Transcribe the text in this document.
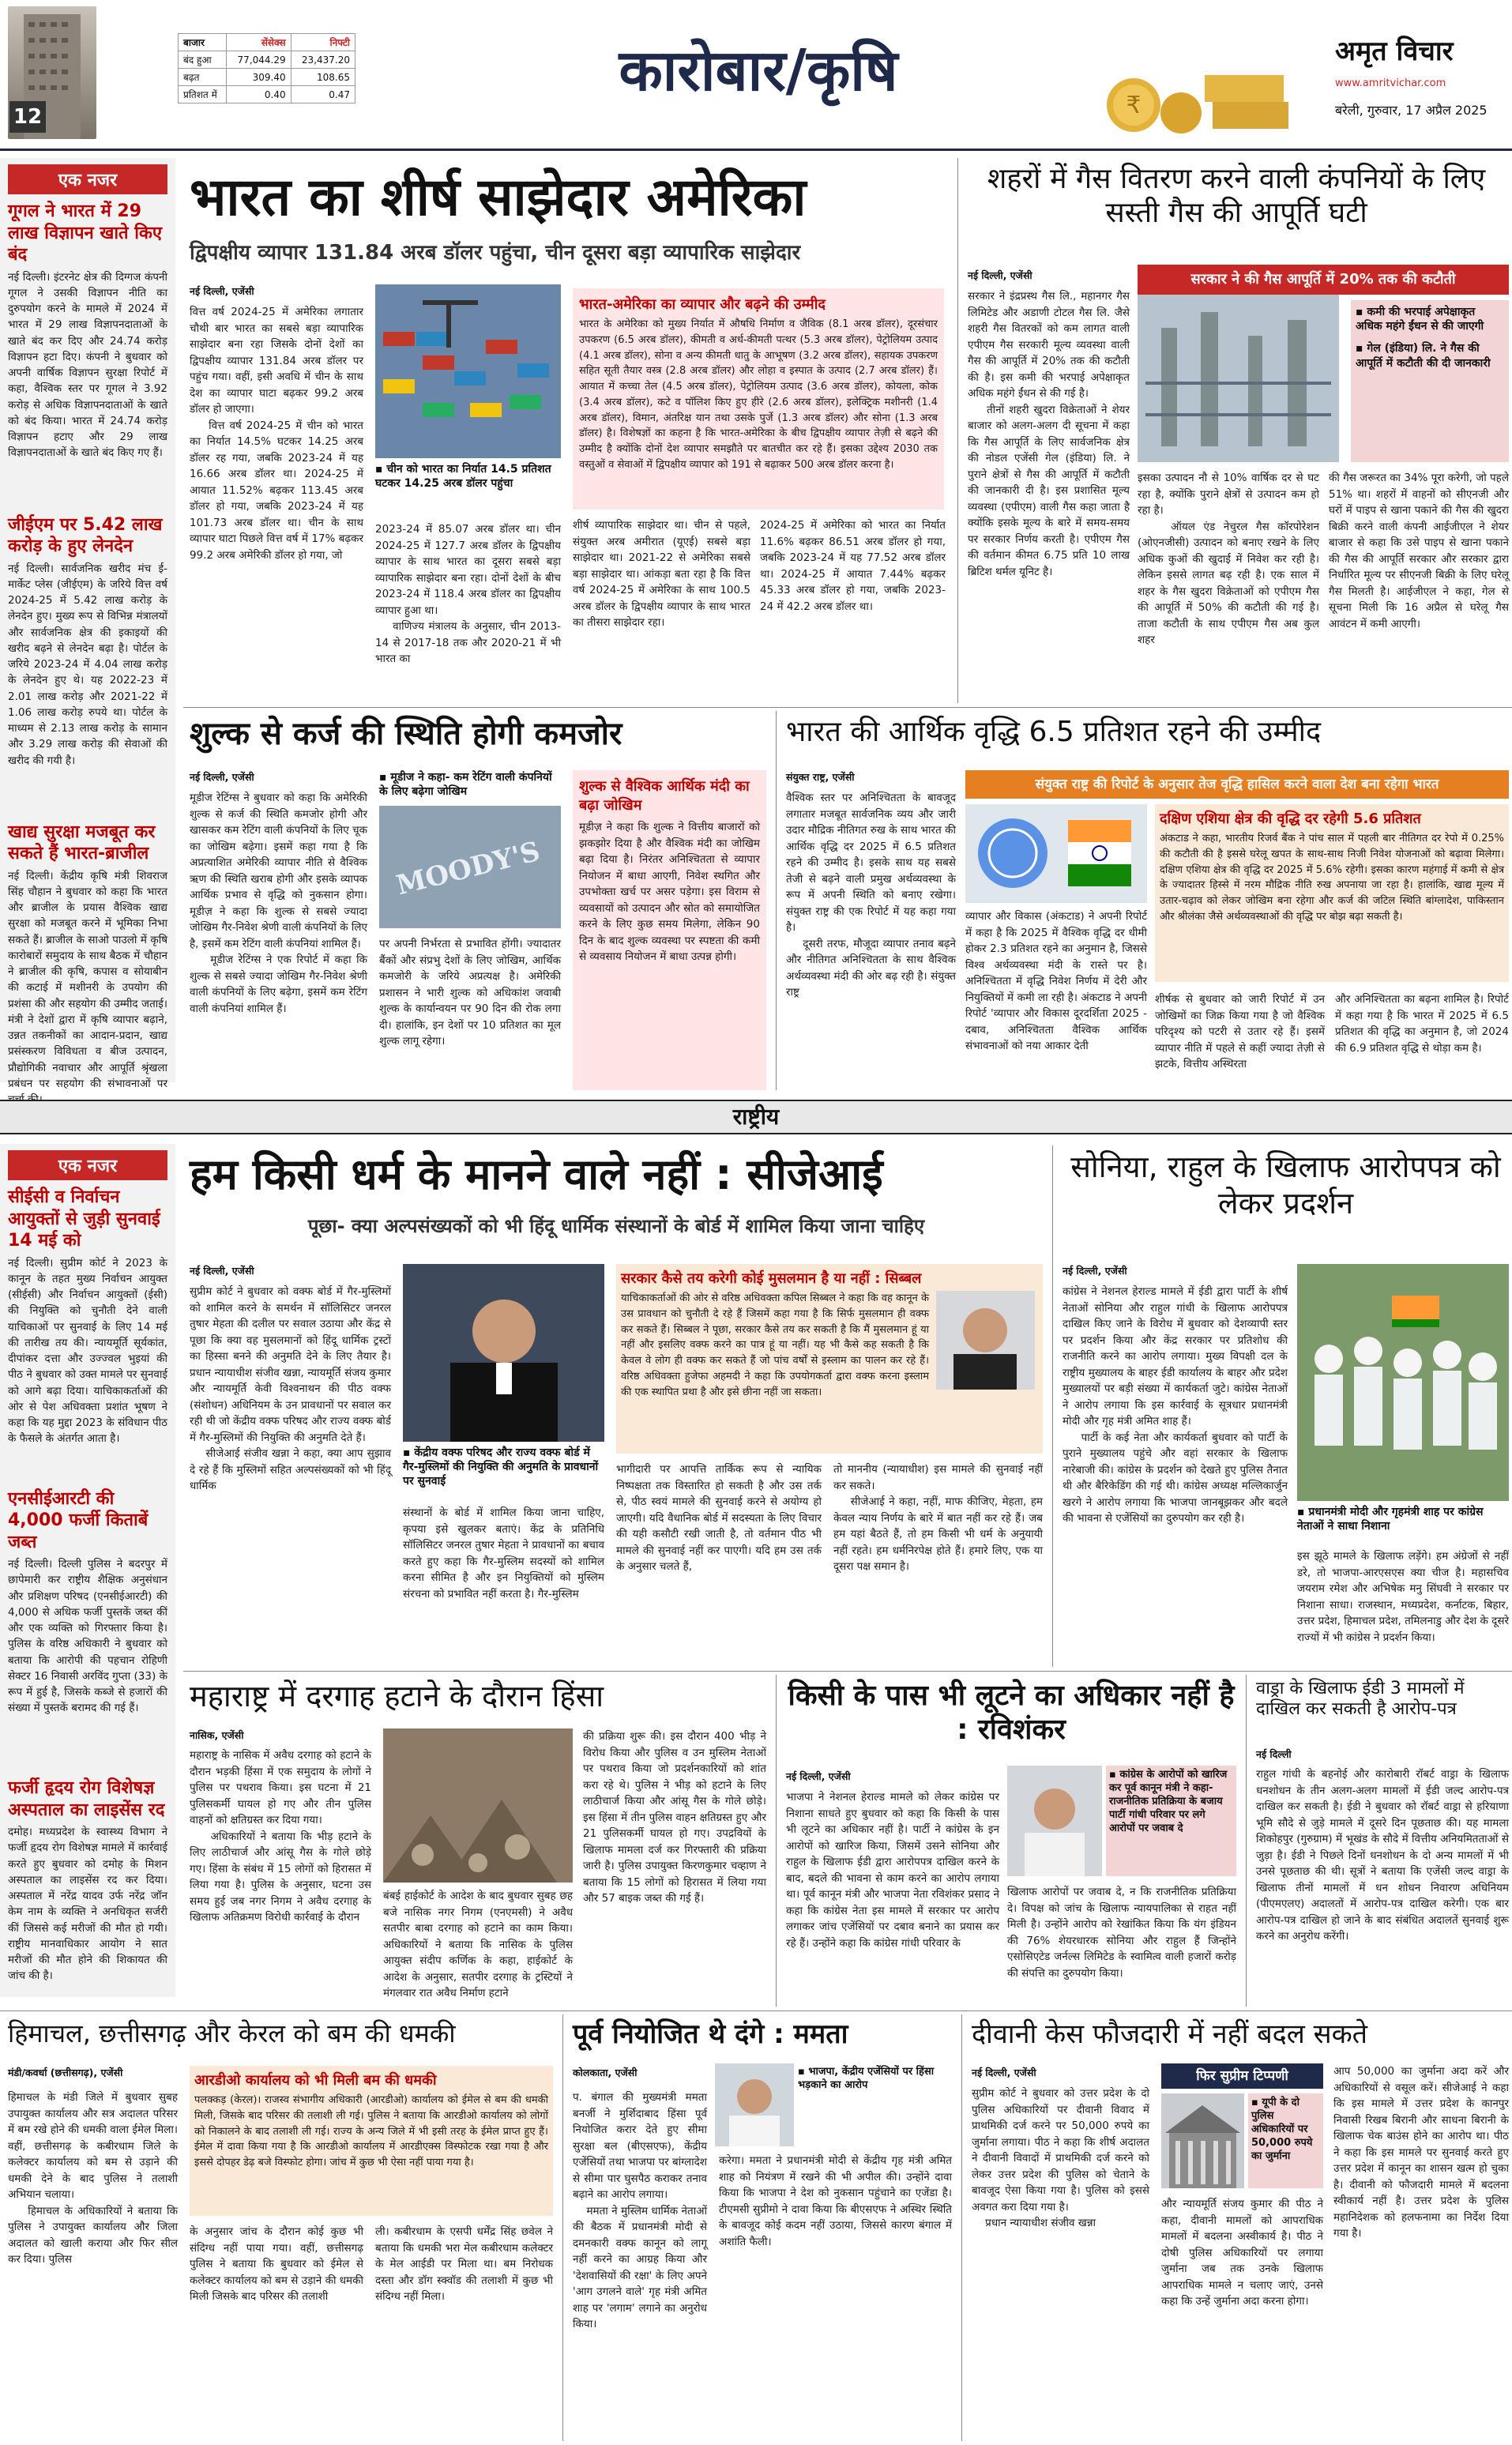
12
बाजार	सेंसेक्स	निफ्टी
बंद हुआ	77,044.29	23,437.20
बढ़त	309.40	108.65
प्रतिशत में	0.40	0.47	कारोबार/कृषि
₹
अमृत विचार
www.amritvichar.com
बरेली, गुरुवार, 17 अप्रैल 2025
एक नजर
गूगल ने भारत में 29 लाख विज्ञापन खाते किए बंद
नई दिल्ली। इंटरनेट क्षेत्र की दिग्गज कंपनी गूगल ने उसकी विज्ञापन नीति का दुरुपयोग करने के मामले में 2024 में भारत में 29 लाख विज्ञापनदाताओं के खाते बंद कर दिए और 24.74 करोड़ विज्ञापन हटा दिए। कंपनी ने बुधवार को अपनी वार्षिक विज्ञापन सुरक्षा रिपोर्ट में कहा, वैश्विक स्तर पर गूगल ने 3.92 करोड़ से अधिक विज्ञापनदाताओं के खाते को बंद किया। भारत में 24.74 करोड़ विज्ञापन हटाए और 29 लाख विज्ञापनदाताओं के खाते बंद किए गए हैं।
जीईएम पर 5.42 लाख करोड़ के हुए लेनदेन
नई दिल्ली। सार्वजनिक खरीद मंच ई-मार्केट प्लेस (जीईएम) के जरिये वित्त वर्ष 2024-25 में 5.42 लाख करोड़ के लेनदेन हुए। मुख्य रूप से विभिन्न मंत्रालयों और सार्वजनिक क्षेत्र की इकाइयों की खरीद बढ़ने से लेनदेन बढ़ा है। पोर्टल के जरिये 2023-24 में 4.04 लाख करोड़ के लेनदेन हुए थे। यह 2022-23 में 2.01 लाख करोड़ और 2021-22 में 1.06 लाख करोड़ रुपये था। पोर्टल के माध्यम से 2.13 लाख करोड़ के सामान और 3.29 लाख करोड़ की सेवाओं की खरीद की गयी है।
खाद्य सुरक्षा मजबूत कर सकते हैं भारत-ब्राजील
नई दिल्ली। केंद्रीय कृषि मंत्री शिवराज सिंह चौहान ने बुधवार को कहा कि भारत और ब्राजील के प्रयास वैश्विक खाद्य सुरक्षा को मजबूत करने में भूमिका निभा सकते हैं। ब्राजील के साओ पाउलो में कृषि कारोबारों समुदाय के साथ बैठक में चौहान ने ब्राजील की कृषि, कपास व सोयाबीन की कटाई में मशीनरी के उपयोग की प्रशंसा की और सहयोग की उम्मीद जताई। मंत्री ने देशों द्वारा में कृषि व्यापार बढ़ाने, उन्नत तकनीकों का आदान-प्रदान, खाद्य प्रसंस्करण विविधता व बीज उत्पादन, प्रौद्योगिकी नवाचार और आपूर्ति श्रृंखला प्रबंधन पर सहयोग की संभावनाओं पर
भारत का शीर्ष साझेदार अमेरिका
द्विपक्षीय व्यापार 131.84 अरब डॉलर पहुंचा, चीन दूसरा बड़ा व्यापारिक साझेदार
नई दिल्ली, एजेंसी
वित्त वर्ष 2024-25 में अमेरिका लगातार चौथी बार भारत का सबसे बड़ा व्यापारिक साझेदार बना रहा जिसके दोनों देशों का द्विपक्षीय व्यापार 131.84 अरब डॉलर पर पहुंच गया। वहीं, इसी अवधि में चीन के साथ देश का व्यापार घाटा बढ़कर 99.2 अरब डॉलर हो जाएगा।
वित्त वर्ष 2024-25 में चीन को भारत का निर्यात 14.5% घटकर 14.25 अरब डॉलर रह गया, जबकि 2023-24 में यह 16.66 अरब डॉलर था। 2024-25 में आयात 11.52% बढ़कर 113.45 अरब डॉलर हो गया, जबकि 2023-24 में यह 101.73 अरब डॉलर था। चीन के साथ व्यापार घाटा पिछले वित्त वर्ष में 17% बढ़कर 99.2 अरब अमेरिकी डॉलर हो गया, जो
▪ चीन को भारत का निर्यात 14.5 प्रतिशत घटकर 14.25 अरब डॉलर पहुंचा
2023-24 में 85.07 अरब डॉलर था। चीन 2024-25 में 127.7 अरब डॉलर के द्विपक्षीय व्यापार के साथ भारत का दूसरा सबसे बड़ा व्यापारिक साझेदार बना रहा। दोनों देशों के बीच 2023-24 में 118.4 अरब डॉलर का द्विपक्षीय व्यापार हुआ था।
वाणिज्य मंत्रालय के अनुसार, चीन 2013-14 से 2017-18 तक और 2020-21 में भी भारत का
भारत-अमेरिका का व्यापार और बढ़ने की उम्मीद
भारत के अमेरिका को मुख्य निर्यात में औषधि निर्माण व जैविक (8.1 अरब डॉलर), दूरसंचार उपकरण (6.5 अरब डॉलर), कीमती व अर्ध-कीमती पत्थर (5.3 अरब डॉलर), पेट्रोलियम उत्पाद (4.1 अरब डॉलर), सोना व अन्य कीमती धातु के आभूषण (3.2 अरब डॉलर), सहायक उपकरण सहित सूती तैयार वस्त्र (2.8 अरब डॉलर) और लोहा व इस्पात के उत्पाद (2.7 अरब डॉलर) हैं। आयात में कच्चा तेल (4.5 अरब डॉलर), पेट्रोलियम उत्पाद (3.6 अरब डॉलर), कोयला, कोक (3.4 अरब डॉलर), कटे व पॉलिश किए हुए हीरे (2.6 अरब डॉलर), इलेक्ट्रिक मशीनरी (1.4 अरब डॉलर), विमान, अंतरिक्ष यान तथा उसके पुर्जे (1.3 अरब डॉलर) और सोना (1.3 अरब डॉलर) है। विशेषज्ञों का कहना है कि भारत-अमेरिका के बीच द्विपक्षीय व्यापार तेज़ी से बढ़ने की उम्मीद है क्योंकि दोनों देश व्यापार समझौते पर बातचीत कर रहे हैं। इसका उद्देश्य 2030 तक वस्तुओं व सेवाओं में द्विपक्षीय व्यापार को 191 से बढ़ाकर 500 अरब डॉलर करना है।
शीर्ष व्यापारिक साझेदार था। चीन से पहले, संयुक्त अरब अमीरात (यूएई) सबसे बड़ा साझेदार था। 2021-22 से अमेरिका सबसे बड़ा साझेदार था। आंकड़ा बता रहा है कि वित्त वर्ष 2024-25 में अमेरिका के साथ 100.5 अरब डॉलर के द्विपक्षीय व्यापार के साथ भारत का तीसरा साझेदार रहा।
2024-25 में अमेरिका को भारत का निर्यात 11.6% बढ़कर 86.51 अरब डॉलर हो गया, जबकि 2023-24 में यह 77.52 अरब डॉलर था। 2024-25 में आयात 7.44% बढ़कर 45.33 अरब डॉलर हो गया, जबकि 2023-24 में 42.2 अरब डॉलर था।
शहरों में गैस वितरण करने वाली कंपनियों के लिए सस्ती गैस की आपूर्ति घटी
नई दिल्ली, एजेंसी
सरकार ने इंद्रप्रस्थ गैस लि., महानगर गैस लिमिटेड और अडाणी टोटल गैस लि. जैसे शहरी गैस वितरकों को कम लागत वाली एपीएम गैस सरकारी मूल्य व्यवस्था वाली गैस की आपूर्ति में 20% तक की कटौती की है। इस कमी की भरपाई अपेक्षाकृत अधिक महंगे ईंधन से की गई है।
तीनों शहरी खुदरा विक्रेताओं ने शेयर बाजार को अलग-अलग दी सूचना में कहा कि गैस आपूर्ति के लिए सार्वजनिक क्षेत्र की नोडल एजेंसी गेल (इंडिया) लि. ने पुराने क्षेत्रों से गैस की आपूर्ति में कटौती की जानकारी दी है। इस प्रशासित मूल्य व्यवस्था (एपीएम) वाली गैस कहा जाता है क्योंकि इसके मूल्य के बारे में समय-समय पर सरकार निर्णय करती है। एपीएम गैस की वर्तमान कीमत 6.75 प्रति 10 लाख ब्रिटिश थर्मल यूनिट है।
सरकार ने की गैस आपूर्ति में 20% तक की कटौती
▪ कमी की भरपाई अपेक्षाकृत अधिक महंगे ईंधन से की जाएगी
▪ गेल (इंडिया) लि. ने गैस की आपूर्ति में कटौती की दी जानकारी
इसका उत्पादन नौ से 10% वार्षिक दर से घट रहा है, क्योंकि पुराने क्षेत्रों से उत्पादन कम हो रहा है।
ऑयल एंड नेचुरल गैस कॉरपोरेशन (ओएनजीसी) उत्पादन को बनाए रखने के लिए अधिक कुओं की खुदाई में निवेश कर रही है। लेकिन इससे लागत बढ़ रही है। एक साल में शहर के गैस खुदरा विक्रेताओं को एपीएम गैस की आपूर्ति में 50% की कटौती की गई है। ताजा कटौती के साथ एपीएम गैस अब कुल शहर
की गैस जरूरत का 34% पूरा करेगी, जो पहले 51% था। शहरों में वाहनों को सीएनजी और घरों में पाइप से खाना पकाने की गैस की खुदरा बिक्री करने वाली कंपनी आईजीएल ने शेयर बाजार से कहा कि उसे पाइप से खाना पकाने की गैस की आपूर्ति सरकार और सरकार द्वारा निर्धारित मूल्य पर सीएनजी बिक्री के लिए घरेलू गैस मिलती है। आईजीएल ने कहा, गेल से सूचना मिली कि 16 अप्रैल से घरेलू गैस आवंटन में कमी आएगी।
शुल्क से कर्ज की स्थिति होगी कमजोर
नई दिल्ली, एजेंसी
मूडीज रेटिंग्स ने बुधवार को कहा कि अमेरिकी शुल्क से कर्ज की स्थिति कमजोर होगी और खासकर कम रेटिंग वाली कंपनियों के लिए चूक का जोखिम बढ़ेगा। इसमें कहा गया है कि अप्रत्याशित अमेरिकी व्यापार नीति से वैश्विक ऋण की स्थिति खराब होगी और इसके व्यापक आर्थिक प्रभाव से वृद्धि को नुकसान होगा। मूडीज़ ने कहा कि शुल्क से सबसे ज्यादा जोखिम गैर-निवेश श्रेणी वाली कंपनियों के लिए है, इसमें कम रेटिंग वाली कंपनियां शामिल हैं।
मूडीज रेटिंग्स ने एक रिपोर्ट में कहा कि शुल्क से सबसे ज्यादा जोखिम गैर-निवेश श्रेणी वाली कंपनियों के लिए बढ़ेगा, इसमें कम रेटिंग वाली कंपनियां शामिल हैं।
▪ मूडीज ने कहा- कम रेटिंग वाली कंपनियों के लिए बढ़ेगा जोखिम
MOODY'S
पर अपनी निर्भरता से प्रभावित होंगी। ज्यादातर बैंकों और संप्रभु देशों के लिए जोखिम, आर्थिक कमजोरी के जरिये अप्रत्यक्ष है। अमेरिकी प्रशासन ने भारी शुल्क को अधिकांश जवाबी शुल्क के कार्यान्वयन पर 90 दिन की रोक लगा दी। हालांकि, इन देशों पर 10 प्रतिशत का मूल शुल्क लागू रहेगा।
शुल्क से वैश्विक आर्थिक मंदी का बढ़ा जोखिम
मूडीज़ ने कहा कि शुल्क ने वित्तीय बाजारों को झकझोर दिया है और वैश्विक मंदी का जोखिम बढ़ा दिया है। निरंतर अनिश्चितता से व्यापार नियोजन में बाधा आएगी, निवेश स्थगित और उपभोक्ता खर्च पर असर पड़ेगा। इस विराम से व्यवसायों को उत्पादन और स्रोत को समायोजित करने के लिए कुछ समय मिलेगा, लेकिन 90 दिन के बाद शुल्क व्यवस्था पर स्पष्टता की कमी से व्यवसाय नियोजन में बाधा उत्पन्न होगी।
भारत की आर्थिक वृद्धि 6.5 प्रतिशत रहने की उम्मीद
संयुक्त राष्ट्र, एजेंसी
वैश्विक स्तर पर अनिश्चितता के बावजूद लगातार मजबूत सार्वजनिक व्यय और जारी उदार मौद्रिक नीतिगत रुख के साथ भारत की आर्थिक वृद्धि दर 2025 में 6.5 प्रतिशत रहने की उम्मीद है। इसके साथ यह सबसे तेजी से बढ़ने वाली प्रमुख अर्थव्यवस्था के रूप में अपनी स्थिति को बनाए रखेगा। संयुक्त राष्ट्र की एक रिपोर्ट में यह कहा गया है।
दूसरी तरफ, मौजूदा व्यापार तनाव बढ़ने और नीतिगत अनिश्चितता के साथ वैश्विक अर्थव्यवस्था मंदी की ओर बढ़ रही है। संयुक्त राष्ट्र
संयुक्त राष्ट्र की रिपोर्ट के अनुसार तेज वृद्धि हासिल करने वाला देश बना रहेगा भारत
व्यापार और विकास (अंकटाड) ने अपनी रिपोर्ट में कहा है कि 2025 में वैश्विक वृद्धि दर धीमी होकर 2.3 प्रतिशत रहने का अनुमान है, जिससे विश्व अर्थव्यवस्था मंदी के रास्ते पर है। अनिश्चितता में वृद्धि निवेश निर्णय में देरी और नियुक्तियों में कमी ला रही है। अंकटाड ने अपनी रिपोर्ट 'व्यापार और विकास दूरदर्शिता 2025 - दबाव, अनिश्चितता वैश्विक आर्थिक संभावनाओं को नया आकार देती
दक्षिण एशिया क्षेत्र की वृद्धि दर रहेगी 5.6 प्रतिशत
अंकटाड ने कहा, भारतीय रिजर्व बैंक ने पांच साल में पहली बार नीतिगत दर रेपो में 0.25% की कटौती की है इससे घरेलू खपत के साथ-साथ निजी निवेश योजनाओं को बढ़ावा मिलेगा। दक्षिण एशिया क्षेत्र की वृद्धि दर 2025 में 5.6% रहेगी। इसका कारण महंगाई में कमी से क्षेत्र के ज्यादातर हिस्से में नरम मौद्रिक नीति रुख अपनाया जा रहा है। हालांकि, खाद्य मूल्य में उतार-चढ़ाव को लेकर जोखिम बना रहेगा और कर्ज की जटिल स्थिति बांग्लादेश, पाकिस्तान और श्रीलंका जैसे अर्थव्यवस्थाओं की वृद्धि पर बोझ बढ़ा सकती है।
शीर्षक से बुधवार को जारी रिपोर्ट में उन जोखिमों का जिक्र किया गया है जो वैश्विक परिदृश्य को पटरी से उतार रहे हैं। इसमें व्यापार नीति में पहले से कहीं ज्यादा तेज़ी से झटके, वित्तीय अस्थिरता
और अनिश्चितता का बढ़ना शामिल है। रिपोर्ट में कहा गया है कि भारत में 2025 में 6.5 प्रतिशत की वृद्धि का अनुमान है, जो 2024 की 6.9 प्रतिशत वृद्धि से थोड़ा कम है।
राष्ट्रीय
एक नजर
सीईसी व निर्वाचन आयुक्तों से जुड़ी सुनवाई 14 मई को
नई दिल्ली। सुप्रीम कोर्ट ने 2023 के कानून के तहत मुख्य निर्वाचन आयुक्त (सीईसी) और निर्वाचन आयुक्तों (ईसी) की नियुक्ति को चुनौती देने वाली याचिकाओं पर सुनवाई के लिए 14 मई की तारीख तय की। न्यायमूर्ति सूर्यकांत, दीपांकर दत्ता और उज्ज्वल भुइयां की पीठ ने बुधवार को उक्त मामले पर सुनवाई को आगे बढ़ा दिया। याचिकाकर्ताओं की ओर से पेश अधिवक्ता प्रशांत भूषण ने कहा कि यह मुद्दा 2023 के संविधान पीठ के फैसले के अंतर्गत आता है।
एनसीईआरटी की 4,000 फर्जी किताबें जब्त
नई दिल्ली। दिल्ली पुलिस ने बदरपुर में छापेमारी कर राष्ट्रीय शैक्षिक अनुसंधान और प्रशिक्षण परिषद (एनसीईआरटी) की 4,000 से अधिक फर्जी पुस्तकें जब्त कीं और एक व्यक्ति को गिरफ्तार किया है। पुलिस के वरिष्ठ अधिकारी ने बुधवार को बताया कि आरोपी की पहचान रोहिणी सेक्टर 16 निवासी अरविंद गुप्ता (33) के रूप में हुई है, जिसके कब्जे से हजारों की संख्या में पुस्तकें बरामद की गई हैं।
फर्जी हृदय रोग विशेषज्ञ अस्पताल का लाइसेंस रद
दमोह। मध्यप्रदेश के स्वास्थ्य विभाग ने फर्जी हृदय रोग विशेषज्ञ मामले में कार्रवाई करते हुए बुधवार को दमोह के मिशन अस्पताल का लाइसेंस रद कर दिया। अस्पताल में नरेंद्र यादव उर्फ नरेंद्र जॉन केम नाम के व्यक्ति ने अनधिकृत सर्जरी कीं जिससे कई मरीजों की मौत हो गयी। राष्ट्रीय मानवाधिकार आयोग ने सात मरीजों की मौत होने की शिकायत की जांच की है।
हम किसी धर्म के मानने वाले नहीं : सीजेआई
पूछा- क्या अल्पसंख्यकों को भी हिंदू धार्मिक संस्थानों के बोर्ड में शामिल किया जाना चाहिए
नई दिल्ली, एजेंसी
सुप्रीम कोर्ट ने बुधवार को वक्फ बोर्ड में गैर-मुस्लिमों को शामिल करने के समर्थन में सॉलिसिटर जनरल तुषार मेहता की दलील पर सवाल उठाया और केंद्र से पूछा कि क्या वह मुसलमानों को हिंदू धार्मिक ट्रस्टों का हिस्सा बनने की अनुमति देने के लिए तैयार है। प्रधान न्यायाधीश संजीव खन्ना, न्यायमूर्ति संजय कुमार और न्यायमूर्ति केवी विश्वनाथन की पीठ वक्फ (संशोधन) अधिनियम के उन प्रावधानों पर सवाल कर रही थी जो केंद्रीय वक्फ परिषद और राज्य वक्फ बोर्ड में गैर-मुस्लिमों की नियुक्ति की अनुमति देते हैं।
सीजेआई संजीव खन्ना ने कहा, क्या आप सुझाव दे रहे हैं कि मुस्लिमों सहित अल्पसंख्यकों को भी हिंदू धार्मिक
▪ केंद्रीय वक्फ परिषद और राज्य वक्फ बोर्ड में गैर-मुस्लिमों की नियुक्ति की अनुमति के प्रावधानों पर सुनवाई
संस्थानों के बोर्ड में शामिल किया जाना चाहिए, कृपया इसे खुलकर बताएं। केंद्र के प्रतिनिधि सॉलिसिटर जनरल तुषार मेहता ने प्रावधानों का बचाव करते हुए कहा कि गैर-मुस्लिम सदस्यों को शामिल करना सीमित है और इन नियुक्तियों को मुस्लिम संरचना को प्रभावित नहीं करता है। गैर-मुस्लिम
सरकार कैसे तय करेगी कोई मुसलमान है या नहीं : सिब्बल
याचिकाकर्ताओं की ओर से वरिष्ठ अधिवक्ता कपिल सिब्बल ने कहा कि वह कानून के उस प्रावधान को चुनौती दे रहे हैं जिसमें कहा गया है कि सिर्फ मुसलमान ही वक्फ कर सकते हैं। सिब्बल ने पूछा, सरकार कैसे तय कर सकती है कि मैं मुसलमान हूं या नहीं और इसलिए वक्फ करने का पात्र हूं या नहीं। यह भी कैसे कह सकती है कि केवल वे लोग ही वक्फ कर सकते हैं जो पांच वर्षों से इस्लाम का पालन कर रहे हैं। वरिष्ठ अधिवक्ता हुजेफा अहमदी ने कहा कि उपयोगकर्ता द्वारा वक्फ करना इस्लाम की एक स्थापित प्रथा है और इसे छीना नहीं जा सकता।
भागीदारी पर आपत्ति तार्किक रूप से न्यायिक निष्पक्षता तक विस्तारित हो सकती है और उस तर्क से, पीठ स्वयं मामले की सुनवाई करने से अयोग्य हो जाएगी। यदि वैधानिक बोर्ड में सदस्यता के लिए विचार की यही कसौटी रखी जाती है, तो वर्तमान पीठ भी मामले की सुनवाई नहीं कर पाएगी। यदि हम उस तर्क के अनुसार चलते हैं,
तो माननीय (न्यायाधीश) इस मामले की सुनवाई नहीं कर सकते।
सीजेआई ने कहा, नहीं, माफ कीजिए, मेहता, हम केवल न्याय निर्णय के बारे में बात नहीं कर रहे हैं। जब हम यहां बैठते हैं, तो हम किसी भी धर्म के अनुयायी नहीं रहते। हम धर्मनिरपेक्ष होते हैं। हमारे लिए, एक या दूसरा पक्ष समान है।
सोनिया, राहुल के खिलाफ आरोपपत्र को लेकर प्रदर्शन
नई दिल्ली, एजेंसी
कांग्रेस ने नेशनल हेराल्ड मामले में ईडी द्वारा पार्टी के शीर्ष नेताओं सोनिया और राहुल गांधी के खिलाफ आरोपपत्र दाखिल किए जाने के विरोध में बुधवार को देशव्यापी स्तर पर प्रदर्शन किया और केंद्र सरकार पर प्रतिशोध की राजनीति करने का आरोप लगाया। मुख्य विपक्षी दल के राष्ट्रीय मुख्यालय के बाहर ईडी कार्यालय के बाहर और प्रदेश मुख्यालयों पर बड़ी संख्या में कार्यकर्ता जुटे। कांग्रेस नेताओं ने आरोप लगाया कि इस कार्रवाई के सूत्रधार प्रधानमंत्री मोदी और गृह मंत्री अमित शाह हैं।
पार्टी के कई नेता और कार्यकर्ता बुधवार को पार्टी के पुराने मुख्यालय पहुंचे और वहां सरकार के खिलाफ नारेबाजी की। कांग्रेस के प्रदर्शन को देखते हुए पुलिस तैनात थी और बैरिकेडिंग की गई थी। कांग्रेस अध्यक्ष मल्लिकार्जुन खरगे ने आरोप लगाया कि भाजपा जानबूझकर और बदले की भावना से एजेंसियों का दुरुपयोग कर रही है।
▪ प्रधानमंत्री मोदी और गृहमंत्री शाह पर कांग्रेस नेताओं ने साधा निशाना
इस झूठे मामले के खिलाफ लड़ेंगे। हम अंग्रेजों से नहीं डरे, तो भाजपा-आरएसएस क्या चीज है। महासचिव जयराम रमेश और अभिषेक मनु सिंघवी ने सरकार पर निशाना साधा। राजस्थान, मध्यप्रदेश, कर्नाटक, बिहार, उत्तर प्रदेश, हिमाचल प्रदेश, तमिलनाडु और देश के दूसरे राज्यों में भी कांग्रेस ने प्रदर्शन किया।
महाराष्ट्र में दरगाह हटाने के दौरान हिंसा
नासिक, एजेंसी
महाराष्ट्र के नासिक में अवैध दरगाह को हटाने के दौरान भड़की हिंसा में एक समुदाय के लोगों ने पुलिस पर पथराव किया। इस घटना में 21 पुलिसकर्मी घायल हो गए और तीन पुलिस वाहनों को क्षतिग्रस्त कर दिया गया।
अधिकारियों ने बताया कि भीड़ हटाने के लिए लाठीचार्ज और आंसू गैस के गोले छोड़े गए। हिंसा के संबंध में 15 लोगों को हिरासत में लिया गया है। पुलिस के अनुसार, घटना उस समय हुई जब नगर निगम ने अवैध दरगाह के खिलाफ अतिक्रमण विरोधी कार्रवाई के दौरान
बंबई हाईकोर्ट के आदेश के बाद बुधवार सुबह छह बजे नासिक नगर निगम (एनएमसी) ने अवैध सतपीर बाबा दरगाह को हटाने का काम किया। अधिकारियों ने बताया कि नासिक के पुलिस आयुक्त संदीप कर्णिक के कहा, हाईकोर्ट के आदेश के अनुसार, सतपीर दरगाह के ट्रस्टियों ने मंगलवार रात अवैध निर्माण हटाने
की प्रक्रिया शुरू की। इस दौरान 400 भीड़ ने विरोध किया और पुलिस व उन मुस्लिम नेताओं पर पथराव किया जो प्रदर्शनकारियों को शांत करा रहे थे। पुलिस ने भीड़ को हटाने के लिए लाठीचार्ज किया और आंसू गैस के गोले छोड़े। इस हिंसा में तीन पुलिस वाहन क्षतिग्रस्त हुए और 21 पुलिसकर्मी घायल हो गए। उपद्रवियों के खिलाफ मामला दर्ज कर गिरफ्तारी की प्रक्रिया जारी है। पुलिस उपायुक्त किरणकुमार चव्हाण ने बताया कि 15 लोगों को हिरासत में लिया गया और 57 बाइक जब्त की गई हैं।
किसी के पास भी लूटने का अधिकार नहीं है : रविशंकर
नई दिल्ली, एजेंसी
भाजपा ने नेशनल हेराल्ड मामले को लेकर कांग्रेस पर निशाना साधते हुए बुधवार को कहा कि किसी के पास भी लूटने का अधिकार नहीं है। पार्टी ने कांग्रेस के इन आरोपों को खारिज किया, जिसमें उसने सोनिया और राहुल के खिलाफ ईडी द्वारा आरोपपत्र दाखिल करने के बाद, बदले की भावना से काम करने का आरोप लगाया था। पूर्व कानून मंत्री और भाजपा नेता रविशंकर प्रसाद ने कहा कि कांग्रेस नेता इस मामले में सरकार पर आरोप लगाकर जांच एजेंसियों पर दबाव बनाने का प्रयास कर रहे हैं। उन्होंने कहा कि कांग्रेस गांधी परिवार के
▪ कांग्रेस के आरोपों को खारिज कर पूर्व कानून मंत्री ने कहा- राजनीतिक प्रतिक्रिया के बजाय पार्टी गांधी परिवार पर लगे आरोपों पर जवाब दे
खिलाफ आरोपों पर जवाब दे, न कि राजनीतिक प्रतिक्रिया दे। विपक्ष को जांच के खिलाफ न्यायपालिका से राहत नहीं मिली है। उन्होंने आरोप को रेखांकित किया कि यंग इंडियन की 76% शेयरधारक सोनिया और राहुल हैं जिन्होंने एसोसिएटेड जर्नल्स लिमिटेड के स्वामित्व वाली हजारों करोड़ की संपत्ति का दुरुपयोग किया।
वाड्रा के खिलाफ ईडी 3 मामलों में दाखिल कर सकती है आरोप-पत्र
नई दिल्ली
राहुल गांधी के बहनोई और कारोबारी रॉबर्ट वाड्रा के खिलाफ धनशोधन के तीन अलग-अलग मामलों में ईडी जल्द आरोप-पत्र दाखिल कर सकती है। ईडी ने बुधवार को रॉबर्ट वाड्रा से हरियाणा भूमि सौदे से जुड़े मामले में दूसरे दिन पूछताछ की। यह मामला शिकोहपुर (गुरुग्राम) में भूखंड के सौदे में वित्तीय अनियमितताओं से जुड़ा है। ईडी ने पिछले दिनों धनशोधन के दो अन्य मामलों में भी उनसे पूछताछ की थी। सूत्रों ने बताया कि एजेंसी जल्द वाड्रा के खिलाफ तीनों मामलों में धन शोधन निवारण अधिनियम (पीएमएलए) अदालतों में आरोप-पत्र दाखिल करेगी। एक बार आरोप-पत्र दाखिल हो जाने के बाद संबंधित अदालतें सुनवाई शुरू करने का अनुरोध करेंगी।
हिमाचल, छत्तीसगढ़ और केरल को बम की धमकी
मंडी/कवर्धा (छत्तीसगढ़), एजेंसी
हिमाचल के मंडी जिले में बुधवार सुबह उपायुक्त कार्यालय और सत्र अदालत परिसर में बम रखे होने की धमकी वाला ईमेल मिला। वहीं, छत्तीसगढ़ के कबीरधाम जिले के कलेक्टर कार्यालय को बम से उड़ाने की धमकी देने के बाद पुलिस ने तलाशी अभियान चलाया।
हिमाचल के अधिकारियों ने बताया कि पुलिस ने उपायुक्त कार्यालय और जिला अदालत को खाली कराया और फिर सील कर दिया। पुलिस
आरडीओ कार्यालय को भी मिली बम की धमकी
पलक्कड़ (केरल)। राजस्व संभागीय अधिकारी (आरडीओ) कार्यालय को ईमेल से बम की धमकी मिली, जिसके बाद परिसर की तलाशी ली गई। पुलिस ने बताया कि आरडीओ कार्यालय को लोगों को निकालने के बाद तलाशी ली गई। राज्य के अन्य जिले में भी इसी तरह के ईमेल प्राप्त हुए हैं। ईमेल में दावा किया गया है कि आरडीओ कार्यालय में आरडीएक्स विस्फोटक रखा गया है और इससे दोपहर डेढ़ बजे विस्फोट होगा। जांच में कुछ भी ऐसा नहीं पाया गया है।
के अनुसार जांच के दौरान कोई कुछ भी संदिग्ध नहीं पाया गया। वहीं, छत्तीसगढ़ पुलिस ने बताया कि बुधवार को ईमेल से कलेक्टर कार्यालय को बम से उड़ाने की धमकी मिली जिसके बाद परिसर की तलाशी
ली। कबीरधाम के एसपी धर्मेंद्र सिंह छवेल ने बताया कि धमकी भरा मेल कबीरधाम कलेक्टर के मेल आईडी पर मिला था। बम निरोधक दस्ता और डॉग स्क्वॉड की तलाशी में कुछ भी संदिग्ध नहीं मिला।
पूर्व नियोजित थे दंगे : ममता
कोलकाता, एजेंसी	▪ भाजपा, केंद्रीय एजेंसियों पर हिंसा भड़काने का आरोप
प. बंगाल की मुख्यमंत्री ममता बनर्जी ने मुर्शिदाबाद हिंसा पूर्व नियोजित करार देते हुए सीमा सुरक्षा बल (बीएसएफ), केंद्रीय एजेंसियों तथा भाजपा पर बांग्लादेश से सीमा पार घुसपैठ कराकर तनाव बढ़ाने का आरोप लगाया।
ममता ने मुस्लिम धार्मिक नेताओं की बैठक में प्रधानमंत्री मोदी से दमनकारी वक्फ कानून को लागू नहीं करने का आग्रह किया और 'देशवासियों की रक्षा' के लिए अपने 'आग उगलने वाले' गृह मंत्री अमित शाह पर 'लगाम' लगाने का अनुरोध किया।
करेगा। ममता ने प्रधानमंत्री मोदी से केंद्रीय गृह मंत्री अमित शाह को नियंत्रण में रखने की भी अपील की। उन्होंने दावा किया कि भाजपा ने देश को नुकसान पहुंचाने का एजेंडा है। टीएमसी सुप्रीमो ने दावा किया कि बीएसएफ ने अस्थिर स्थिति के बावजूद कोई कदम नहीं उठाया, जिससे कारण बंगाल में अशांति फैली।
दीवानी केस फौजदारी में नहीं बदल सकते
नई दिल्ली, एजेंसी
सुप्रीम कोर्ट ने बुधवार को उत्तर प्रदेश के दो पुलिस अधिकारियों पर दीवानी विवाद में प्राथमिकी दर्ज करने पर 50,000 रुपये का जुर्माना लगाया। पीठ ने कहा कि शीर्ष अदालत ने दीवानी विवादों में प्राथमिकी दर्ज करने को लेकर उत्तर प्रदेश की पुलिस को चेताने के बावजूद ऐसा किया गया है। पुलिस को इससे अवगत करा दिया गया है।
प्रधान न्यायाधीश संजीव खन्ना
फिर सुप्रीम टिप्पणी
▪ यूपी के दो पुलिस अधिकारियों पर 50,000 रुपये का जुर्माना
और न्यायमूर्ति संजय कुमार की पीठ ने कहा, दीवानी मामलों को आपराधिक मामलों में बदलना अस्वीकार्य है। पीठ ने दोषी पुलिस अधिकारियों पर लगाया जुर्माना जब तक उनके खिलाफ आपराधिक मामले न चलाए जाएं, उनसे कहा कि उन्हें जुर्माना अदा करना होगा।
आप 50,000 का जुर्माना अदा करें और अधिकारियों से वसूल करें। सीजेआई ने कहा कि इस मामले में उत्तर प्रदेश के कानपुर निवासी रिखब बिरानी और साधना बिरानी के खिलाफ चेक बाउंस होने का आरोप था। पीठ ने कहा कि इस मामले पर सुनवाई करते हुए उत्तर प्रदेश में कानून का शासन खत्म हो चुका है। दीवानी को फौजदारी मामले में बदलना स्वीकार्य नहीं है। उत्तर प्रदेश के पुलिस महानिदेशक को हलफनामा का निर्देश दिया गया है।
